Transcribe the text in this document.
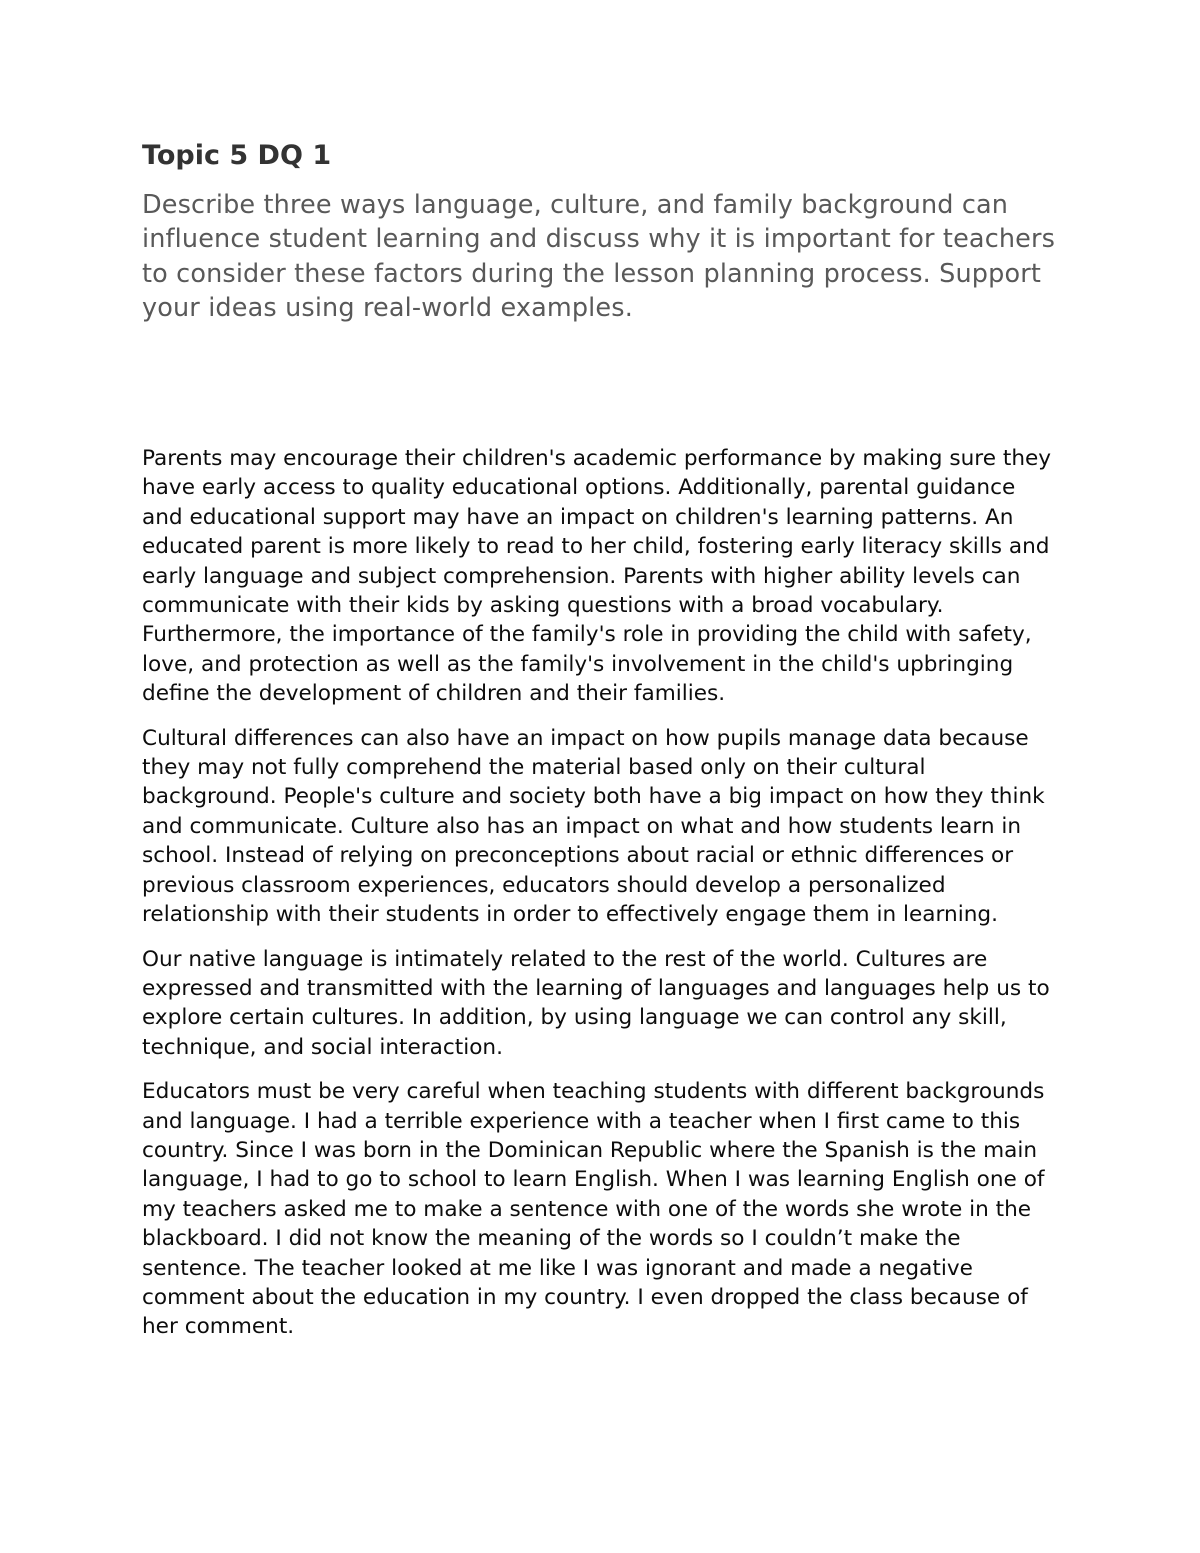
Topic 5 DQ 1

Describe three ways language, culture, and family background can influence student learning and discuss why it is important for teachers to consider these factors during the lesson planning process. Support your ideas using real-world examples.

Parents may encourage their children's academic performance by making sure they have early access to quality educational options. Additionally, parental guidance and educational support may have an impact on children's learning patterns. An educated parent is more likely to read to her child, fostering early literacy skills and early language and subject comprehension. Parents with higher ability levels can communicate with their kids by asking questions with a broad vocabulary. Furthermore, the importance of the family's role in providing the child with safety, love, and protection as well as the family's involvement in the child's upbringing define the development of children and their families.

Cultural differences can also have an impact on how pupils manage data because they may not fully comprehend the material based only on their cultural background. People's culture and society both have a big impact on how they think and communicate. Culture also has an impact on what and how students learn in school. Instead of relying on preconceptions about racial or ethnic differences or previous classroom experiences, educators should develop a personalized relationship with their students in order to effectively engage them in learning.

Our native language is intimately related to the rest of the world. Cultures are expressed and transmitted with the learning of languages and languages help us to explore certain cultures. In addition, by using language we can control any skill, technique, and social interaction.

Educators must be very careful when teaching students with different backgrounds and language. I had a terrible experience with a teacher when I first came to this country. Since I was born in the Dominican Republic where the Spanish is the main language, I had to go to school to learn English. When I was learning English one of my teachers asked me to make a sentence with one of the words she wrote in the blackboard. I did not know the meaning of the words so I couldn’t make the sentence. The teacher looked at me like I was ignorant and made a negative comment about the education in my country. I even dropped the class because of her comment.
